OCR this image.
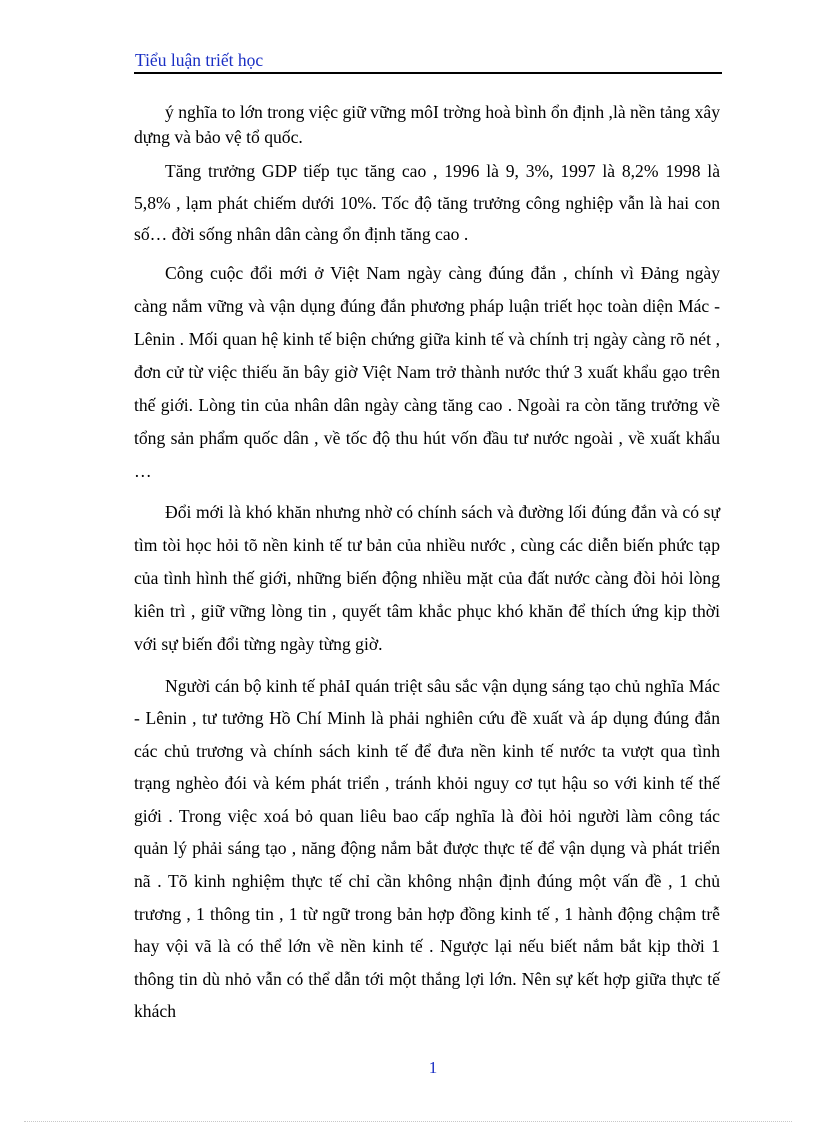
Tiểu luận triết học

ý nghĩa to lớn trong việc giữ vững môI trờng hoà bình ổn định ,là nền tảng xây dựng và bảo vệ tổ quốc.

Tăng trưởng GDP tiếp tục tăng cao , 1996 là 9, 3%, 1997 là 8,2% 1998 là 5,8% , lạm phát chiếm dưới 10%. Tốc độ tăng trưởng công nghiệp vẫn là hai con số… đời sống nhân dân càng ổn định tăng cao .

Công cuộc đổi mới ở Việt Nam ngày càng đúng đắn , chính vì Đảng ngày càng nắm vững và vận dụng đúng đắn phương pháp luận triết học toàn diện Mác - Lênin . Mối quan hệ kinh tế biện chứng giữa kinh tế và chính trị ngày càng rõ nét , đơn cử từ việc thiếu ăn bây giờ Việt Nam trở thành nước thứ 3 xuất khẩu gạo trên thế giới. Lòng tin của nhân dân ngày càng tăng cao . Ngoài ra còn tăng trưởng về tổng sản phẩm quốc dân , về tốc độ thu hút vốn đầu tư nước ngoài , về xuất khẩu …

Đổi mới là khó khăn nhưng nhờ có chính sách và đường lối đúng đắn và có sự tìm tòi học hỏi tõ nền kinh tế tư bản của nhiều nước , cùng các diễn biến phức tạp của tình hình thế giới, những biến động nhiều mặt của đất nước càng đòi hỏi lòng kiên trì , giữ vững lòng tin , quyết tâm khắc phục khó khăn để thích ứng kịp thời với sự biến đổi từng ngày từng giờ.

Người cán bộ kinh tế phảI quán triệt sâu sắc vận dụng sáng tạo chủ nghĩa Mác - Lênin , tư tưởng Hồ Chí Minh là phải nghiên cứu đề xuất và áp dụng đúng đắn các chủ trương và chính sách kinh tế để đưa nền kinh tế nước ta vượt qua tình trạng nghèo đói và kém phát triển , tránh khỏi nguy cơ tụt hậu so với kinh tế thế giới . Trong việc xoá bỏ quan liêu bao cấp nghĩa là đòi hỏi người làm công tác quản lý phải sáng tạo , năng động nắm bắt được thực tế để vận dụng và phát triển nã . Tõ kinh nghiệm thực tế chỉ cần không nhận định đúng một vấn đề , 1 chủ trương , 1 thông tin , 1 từ ngữ trong bản hợp đồng kinh tế , 1 hành động chậm trễ hay vội vã là có thể lớn về nền kinh tế . Ngược lại nếu biết nắm bắt kịp thời 1 thông tin dù nhỏ vẫn có thể dẫn tới một thắng lợi lớn. Nên sự kết hợp giữa thực tế khách

1
